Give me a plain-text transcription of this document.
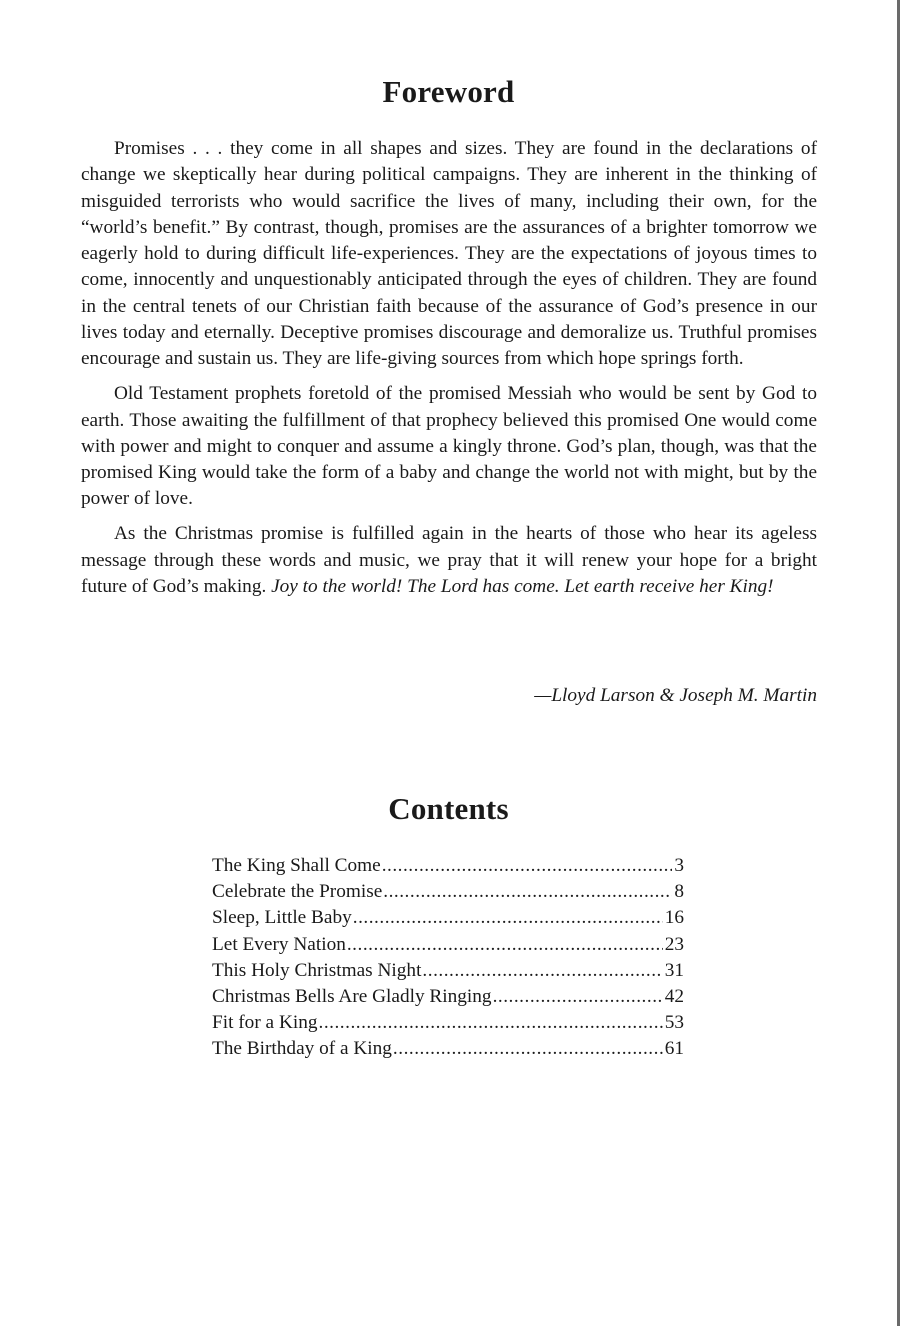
Foreword

Promises . . . they come in all shapes and sizes. They are found in the declarations of change we skeptically hear during political campaigns. They are inherent in the thinking of misguided terrorists who would sacrifice the lives of many, including their own, for the “world’s benefit.” By contrast, though, promises are the assurances of a brighter tomorrow we eagerly hold to during difficult life-experiences. They are the expectations of joyous times to come, innocently and unquestionably anticipated through the eyes of children. They are found in the central tenets of our Christian faith because of the assurance of God’s presence in our lives today and eternally. Deceptive promises discourage and demoralize us. Truthful promises encourage and sustain us. They are life-giving sources from which hope springs forth.

Old Testament prophets foretold of the promised Messiah who would be sent by God to earth. Those awaiting the fulfillment of that prophecy believed this promised One would come with power and might to conquer and assume a kingly throne. God’s plan, though, was that the promised King would take the form of a baby and change the world not with might, but by the power of love.

As the Christmas promise is fulfilled again in the hearts of those who hear its ageless message through these words and music, we pray that it will renew your hope for a bright future of God’s making. Joy to the world! The Lord has come. Let earth receive her King!

—Lloyd Larson & Joseph M. Martin
Contents
The King Shall Come .....	3
Celebrate the Promise .....	8
Sleep, Little Baby .....	16
Let Every Nation .....	23
This Holy Christmas Night .....	31
Christmas Bells Are Gladly Ringing .....	42
Fit for a King .....	53
The Birthday of a King .....	61
